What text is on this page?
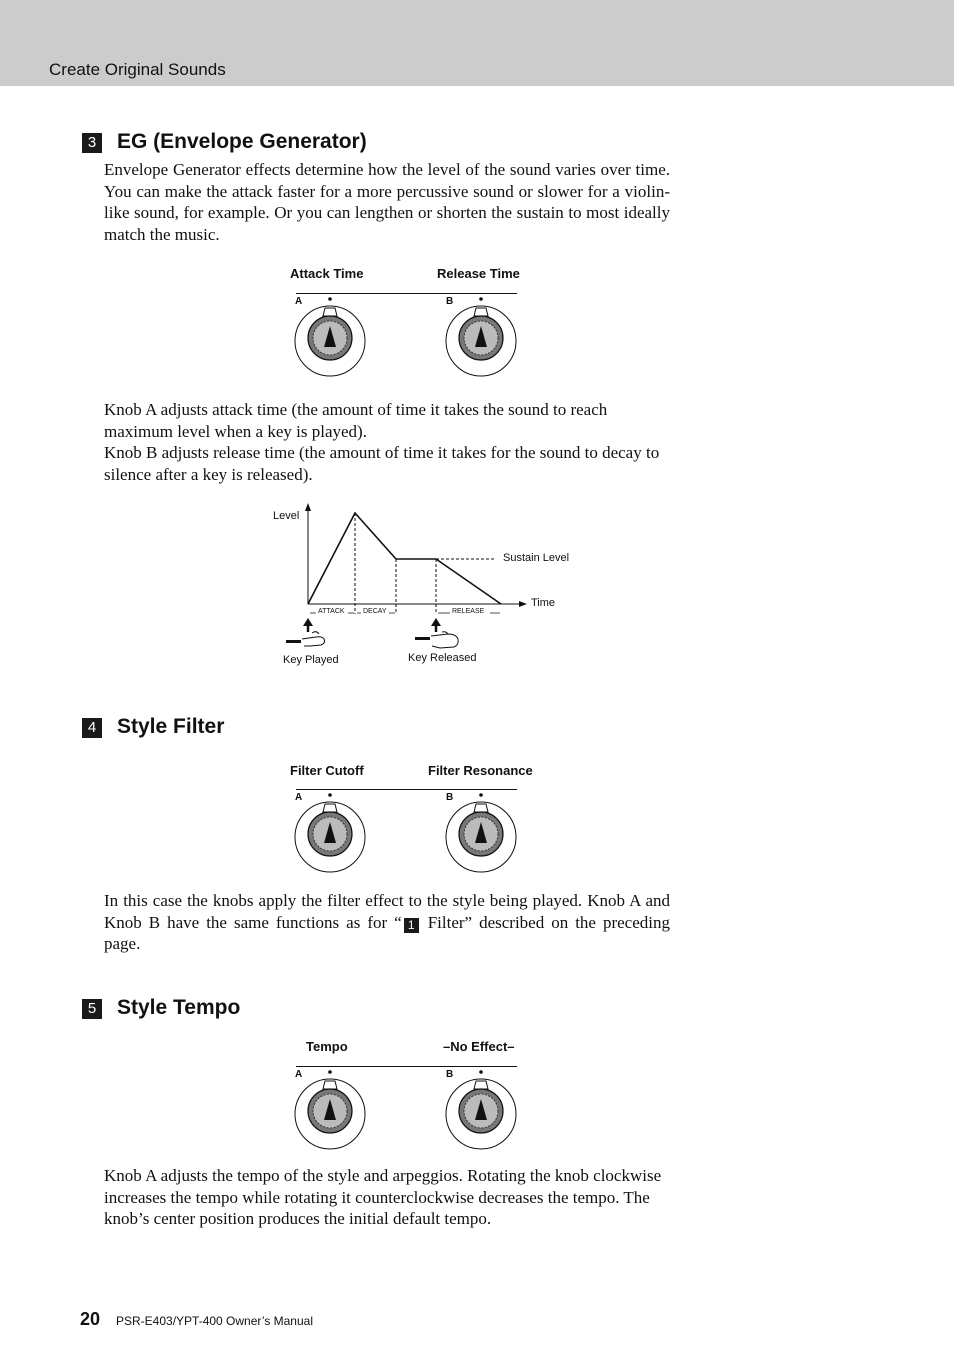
Create Original Sounds
3 EG (Envelope Generator)

Envelope Generator effects determine how the level of the sound varies over time. You can make the attack faster for a more percussive sound or slower for a violin-like sound, for example. Or you can lengthen or shorten the sustain to most ideally match the music.

Attack Time	Release Time
A	B

Knob A adjusts attack time (the amount of time it takes the sound to reach maximum level when a key is played).

Knob B adjusts release time (the amount of time it takes for the sound to decay to silence after a key is released).

Level
Time
Sustain Level
ATTACK	DECAY	RELEASE
Key Played	Key Released
4 Style Filter
Filter Cutoff	Filter Resonance
A	B

In this case the knobs apply the filter effect to the style being played. Knob A and Knob B have the same functions as for “ 1 Filter” described on the preceding page.

5 Style Tempo
Tempo	–No Effect–
A	B

Knob A adjusts the tempo of the style and arpeggios. Rotating the knob clockwise increases the tempo while rotating it counterclockwise decreases the tempo. The knob’s center position produces the initial default tempo.

20 PSR-E403/YPT-400 Owner’s Manual
